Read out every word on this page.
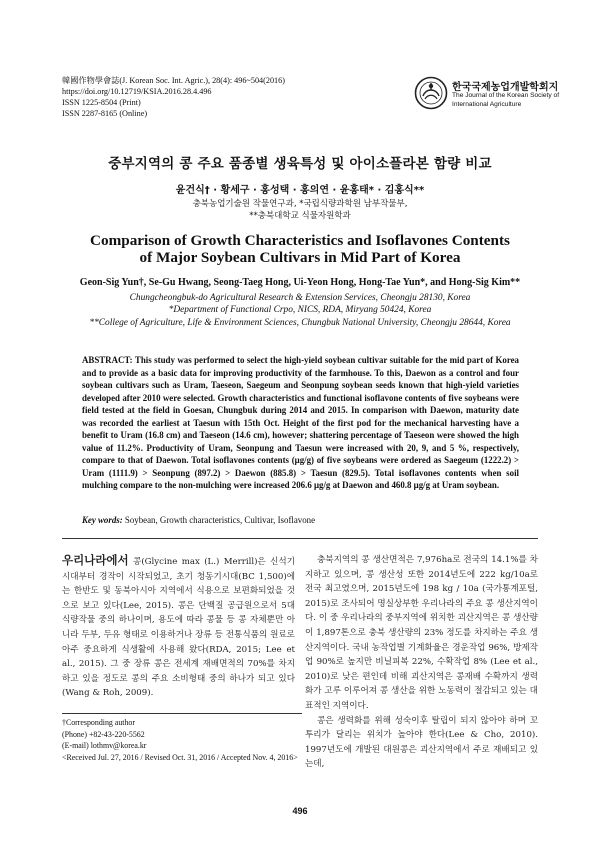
韓國作物學會誌(J. Korean Soc. Int. Agric.), 28(4): 496~504(2016)
https://doi.org/10.12719/KSIA.2016.28.4.496
ISSN 1225-8504 (Print)
ISSN 2287-8165 (Online)
한국국제농업개발학회지
The Journal of the Korean Society of International Agriculture
중부지역의 콩 주요 품종별 생육특성 및 아이소플라본 함량 비교
윤건식† · 황세구 · 홍성택 · 홍의연 · 윤홍태* · 김홍식**
충북농업기술원 작물연구과, *국립식량과학원 남부작물부,
**충북대학교 식물자원학과
Comparison of Growth Characteristics and Isoflavones Contents
of Major Soybean Cultivars in Mid Part of Korea
Geon-Sig Yun†, Se-Gu Hwang, Seong-Taeg Hong, Ui-Yeon Hong, Hong-Tae Yun*, and Hong-Sig Kim**
Chungcheongbuk-do Agricultural Research & Extension Services, Cheongju 28130, Korea
*Department of Functional Crpo, NICS, RDA, Miryang 50424, Korea
**College of Agriculture, Life & Environment Sciences, Chungbuk National University, Cheongju 28644, Korea
ABSTRACT: This study was performed to select the high-yield soybean cultivar suitable for the mid part of Korea and to provide as a basic data for improving productivity of the farmhouse. To this, Daewon as a control and four soybean cultivars such as Uram, Taeseon, Saegeum and Seonpung soybean seeds known that high-yield varieties developed after 2010 were selected. Growth characteristics and functional isoflavone contents of five soybeans were field tested at the field in Goesan, Chungbuk during 2014 and 2015. In comparison with Daewon, maturity date was recorded the earliest at Taesun with 15th Oct. Height of the first pod for the mechanical harvesting have a benefit to Uram (16.8 cm) and Taeseon (14.6 cm), however; shattering percentage of Taeseon were showed the high value of 11.2%. Productivity of Uram, Seonpung and Taesun were increased with 20, 9, and 5 %, respectively, compare to that of Daewon. Total isoflavones contents (μg/g) of five soybeans were ordered as Saegeum (1222.2) > Uram (1111.9) > Seonpung (897.2) > Daewon (885.8) > Taesun (829.5). Total isoflavones contents when soil mulching compare to the non-mulching were increased 206.6 μg/g at Daewon and 460.8 μg/g at Uram soybean.
Key words: Soybean, Growth characteristics, Cultivar, Isoflavone
우리나라에서 콩(Glycine max (L.) Merrill)은 신석기시대부터 경작이 시작되었고, 초기 청동기시대(BC 1,500)에는 한반도 및 동북아시아 지역에서 식용으로 보편화되었을 것으로 보고 있다(Lee, 2015). 콩은 단백질 공급원으로서 5대 식량작물 중의 하나이며, 용도에 따라 콩물 등 콩 자체뿐만 아니라 두부, 두유 형태로 이용하거나 장류 등 전통식품의 원료로 아주 중요하게 식생활에 사용해 왔다(RDA, 2015; Lee et al., 2015). 그 중 장류 콩은 전세계 재배면적의 70%를 차지하고 있을 정도로 콩의 주요 소비형태 중의 하나가 되고 있다(Wang & Roh, 2009).
충북지역의 콩 생산면적은 7,976ha로 전국의 14.1%를 차지하고 있으며, 콩 생산성 또한 2014년도에 222 kg/10a로 전국 최고였으며, 2015년도에 198 kg / 10a (국가통계포털, 2015)로 조사되어 명실상부한 우리나라의 주요 콩 생산지역이다. 이 중 우리나라의 중부지역에 위치한 괴산지역은 콩 생산량이 1,897톤으로 충북 생산량의 23% 정도를 차지하는 주요 생산지역이다. 국내 농작업별 기계화율은 경운작업 96%, 방제작업 90%로 높지만 비닐피복 22%, 수확작업 8% (Lee et al., 2010)로 낮은 편인데 비해 괴산지역은 콩재배 수확까지 생력화가 고루 이루어져 콩 생산을 위한 노동력이 절감되고 있는 대표적인 지역이다.
콩은 생력화를 위해 성숙이후 탈립이 되지 않아야 하며 꼬투리가 달리는 위치가 높아야 한다(Lee & Cho, 2010). 1997년도에 개발된 대원콩은 괴산지역에서 주로 재배되고 있는데,
†Corresponding author
(Phone) +82-43-220-5562
(E-mail) lothmv@korea.kr
<Received Jul. 27, 2016 / Revised Oct. 31, 2016 / Accepted Nov. 4, 2016>
496
